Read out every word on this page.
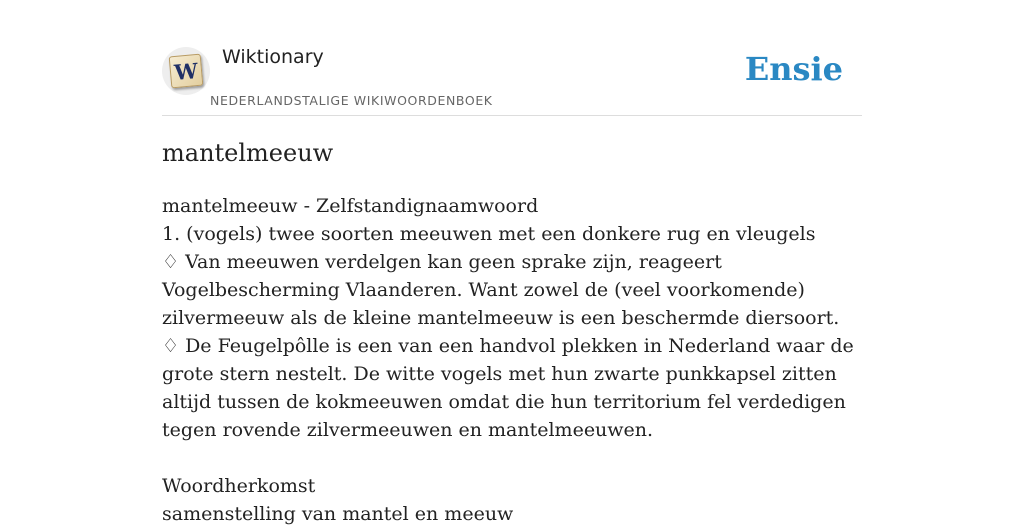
W
Wiktionary
NEDERLANDSTALIGE WIKIWOORDENBOEK
Ensie
mantelmeeuw

mantelmeeuw - Zelfstandignaamwoord

1. (vogels) twee soorten meeuwen met een donkere rug en vleugels

♢ Van meeuwen verdelgen kan geen sprake zijn, reageert Vogelbescherming Vlaanderen. Want zowel de (veel voorkomende) zilvermeeuw als de kleine mantelmeeuw is een beschermde diersoort.

♢ De Feugelpôlle is een van een handvol plekken in Nederland waar de grote stern nestelt. De witte vogels met hun zwarte punkkapsel zitten altijd tussen de kokmeeuwen omdat die hun territorium fel verdedigen tegen rovende zilvermeeuwen en mantelmeeuwen.

Woordherkomst

samenstelling van mantel en meeuw
